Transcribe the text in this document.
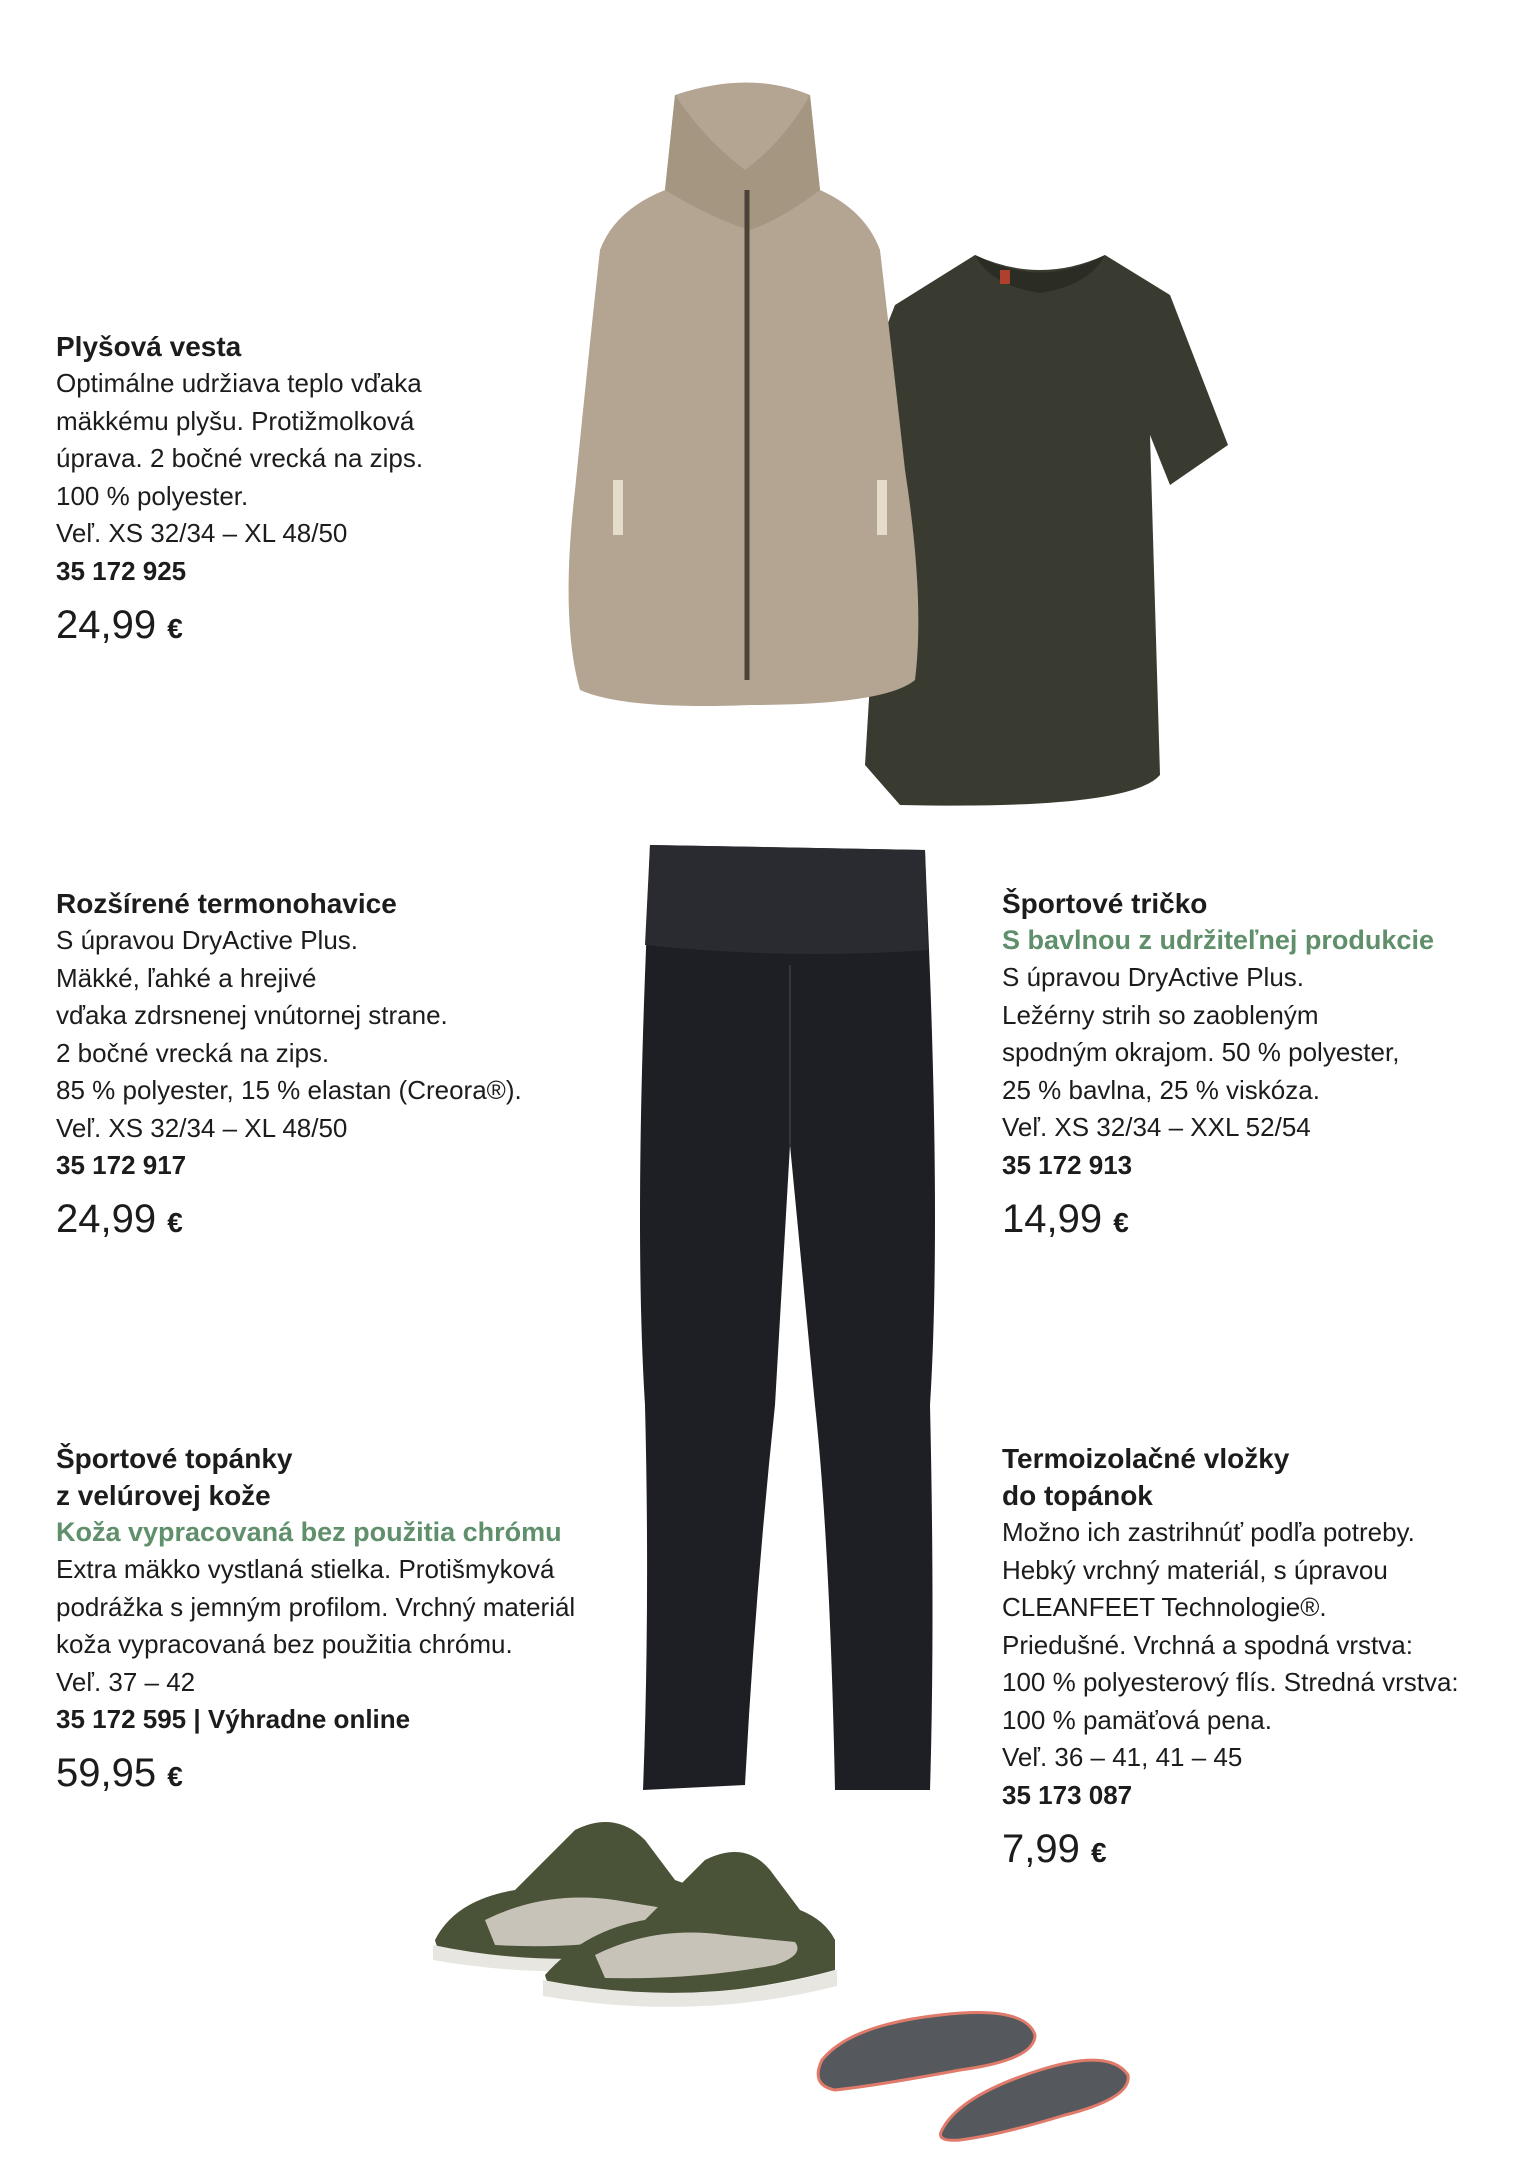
Plyšová vesta

Optimálne udržiava teplo vďaka
mäkkému plyšu. Protižmolková
úprava. 2 bočné vrecká na zips.
100 % polyester.
Veľ. XS 32/34 – XL 48/50

35 172 925

24,99 €

Rozšírené termonohavice

S úpravou DryActive Plus.
Mäkké, ľahké a hrejivé
vďaka zdrsnenej vnútornej strane.
2 bočné vrecká na zips.
85 % polyester, 15 % elastan (Creora®).
Veľ. XS 32/34 – XL 48/50

35 172 917

24,99 €

Športové tričko

S bavlnou z udržiteľnej produkcie

S úpravou DryActive Plus.
Ležérny strih so zaobleným
spodným okrajom. 50 % polyester,
25 % bavlna, 25 % viskóza.
Veľ. XS 32/34 – XXL 52/54

35 172 913

14,99 €

Športové topánky
z velúrovej kože

Koža vypracovaná bez použitia chrómu

Extra mäkko vystlaná stielka. Protišmyková
podrážka s jemným profilom. Vrchný materiál
koža vypracovaná bez použitia chrómu.
Veľ. 37 – 42

35 172 595 | Výhradne online

59,95 €

Termoizolačné vložky
do topánok

Možno ich zastrihnúť podľa potreby.
Hebký vrchný materiál, s úpravou
CLEANFEET Technologie®.
Priedušné. Vrchná a spodná vrstva:
100 % polyesterový flís. Stredná vrstva:
100 % pamäťová pena.
Veľ. 36 – 41, 41 – 45

35 173 087

7,99 €
